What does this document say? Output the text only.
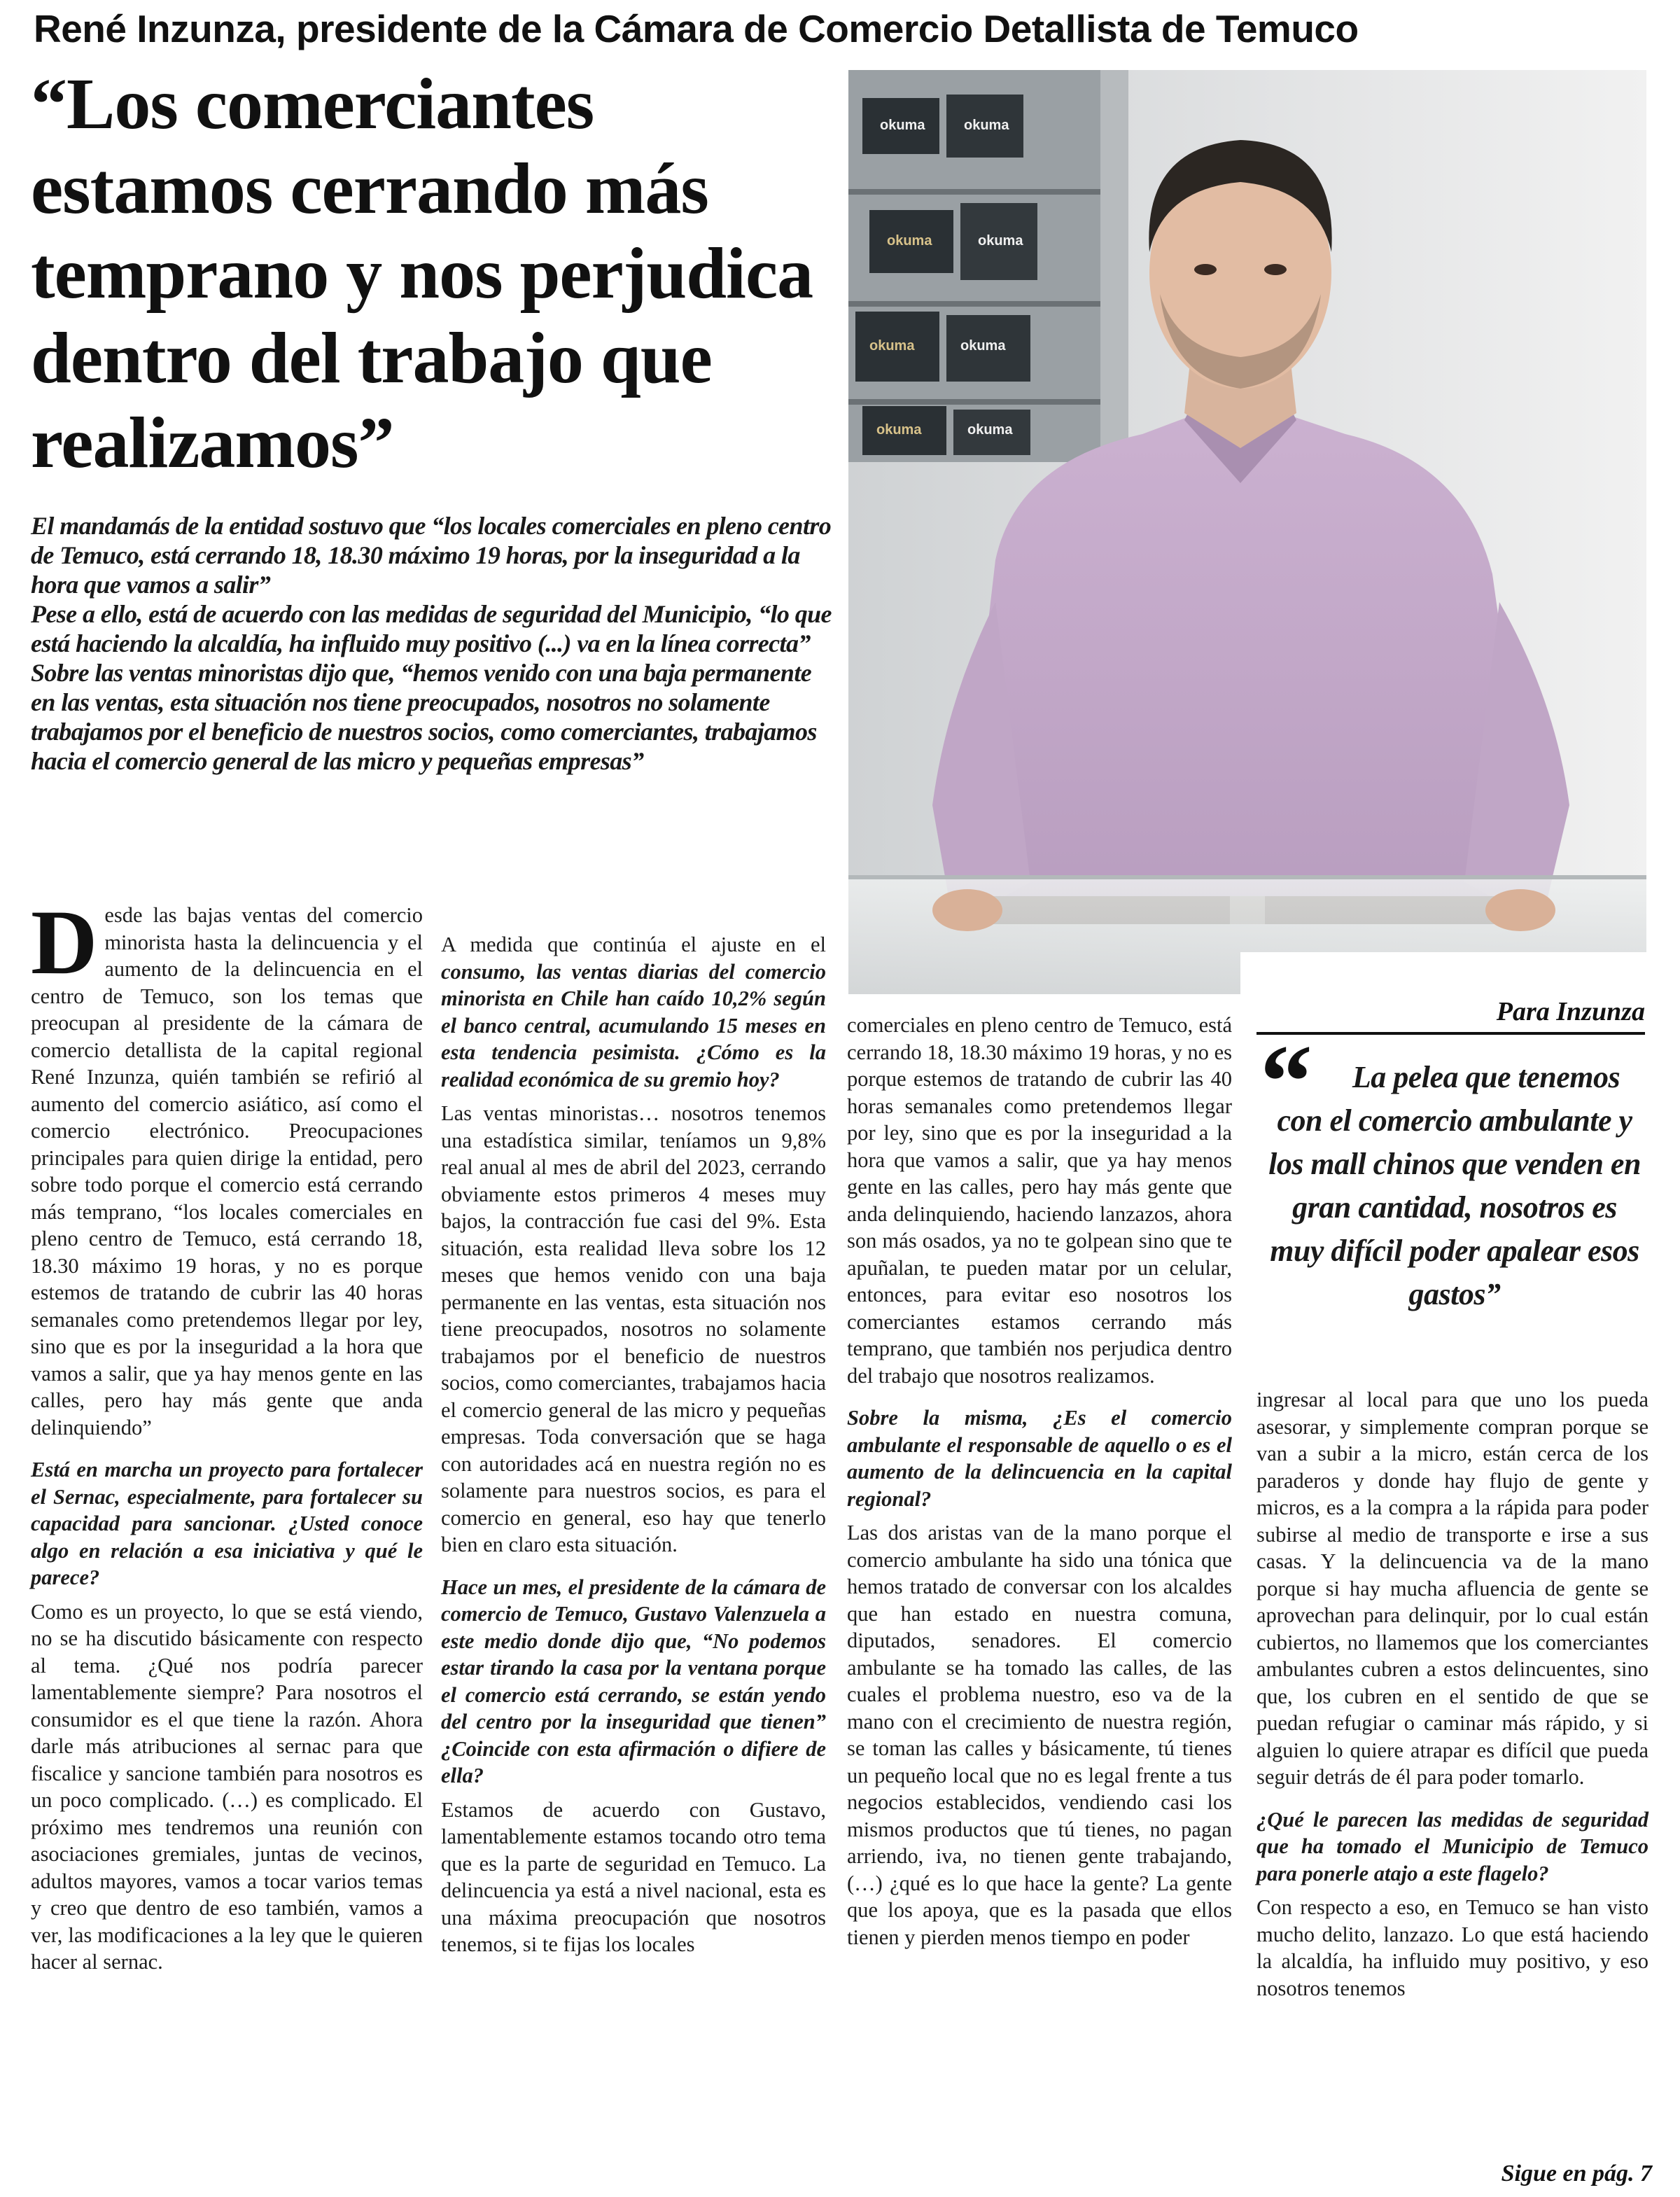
René Inzunza, presidente de la Cámara de Comercio Detallista de Temuco
“Los comerciantes estamos cerrando más temprano y nos perjudica dentro del trabajo que realizamos”

El mandamás de la entidad sostuvo que “los locales comerciales en pleno centro de Temuco, está cerrando 18, 18.30 máximo 19 horas, por la inseguridad a la hora que vamos a salir”

Pese a ello, está de acuerdo con las medidas de seguridad del Municipio, “lo que está haciendo la alcaldía, ha influido muy positivo (...) va en la línea correcta”

Sobre las ventas minoristas dijo que, “hemos venido con una baja permanente en las ventas, esta situación nos tiene preocupados, nosotros no solamente trabajamos por el beneficio de nuestros socios, como comerciantes, trabajamos hacia el comercio general de las micro y pequeñas empresas”

okuma	okuma
okuma	okuma
okuma	okuma
okuma	okuma

Desde las bajas ventas del comercio minorista hasta la delincuencia y el aumento de la delincuencia en el centro de Temuco, son los temas que preocupan al presidente de la cámara de comercio detallista de la capital regional René Inzunza, quién también se refirió al aumento del comercio asiático, así como el comercio electrónico. Preocupaciones principales para quien dirige la entidad, pero sobre todo porque el comercio está cerrando más temprano, “los locales comerciales en pleno centro de Temuco, está cerrando 18, 18.30 máximo 19 horas, y no es porque estemos de tratando de cubrir las 40 horas semanales como pretendemos llegar por ley, sino que es por la inseguridad a la hora que vamos a salir, que ya hay menos gente en las calles, pero hay más gente que anda delinquiendo”

Está en marcha un proyecto para fortalecer el Sernac, especialmente, para fortalecer su capacidad para sancionar. ¿Usted conoce algo en relación a esa iniciativa y qué le parece?

Como es un proyecto, lo que se está viendo, no se ha discutido básicamente con respecto al tema. ¿Qué nos podría parecer lamentablemente siempre? Para nosotros el consumidor es el que tiene la razón. Ahora darle más atribuciones al sernac para que fiscalice y sancione también para nosotros es un poco complicado. (…) es complicado. El próximo mes tendremos una reunión con asociaciones gremiales, juntas de vecinos, adultos mayores, vamos a tocar varios temas y creo que dentro de eso también, vamos a ver, las modificaciones a la ley que le quieren hacer al sernac.

A medida que continúa el ajuste en el consumo, las ventas diarias del comercio minorista en Chile han caído 10,2% según el banco central, acumulando 15 meses en esta tendencia pesimista. ¿Cómo es la realidad económica de su gremio hoy?

Las ventas minoristas… nosotros tenemos una estadística similar, teníamos un 9,8% real anual al mes de abril del 2023, cerrando obviamente estos primeros 4 meses muy bajos, la contracción fue casi del 9%. Esta situación, esta realidad lleva sobre los 12 meses que hemos venido con una baja permanente en las ventas, esta situación nos tiene preocupados, nosotros no solamente trabajamos por el beneficio de nuestros socios, como comerciantes, trabajamos hacia el comercio general de las micro y pequeñas empresas. Toda conversación que se haga con autoridades acá en nuestra región no es solamente para nuestros socios, es para el comercio en general, eso hay que tenerlo bien en claro esta situación.

Hace un mes, el presidente de la cámara de comercio de Temuco, Gustavo Valenzuela a este medio donde dijo que, “No podemos estar tirando la casa por la ventana porque el comercio está cerrando, se están yendo del centro por la inseguridad que tienen” ¿Coincide con esta afirmación o difiere de ella?

Estamos de acuerdo con Gustavo, lamentablemente estamos tocando otro tema que es la parte de seguridad en Temuco. La delincuencia ya está a nivel nacional, esta es una máxima preocupación que nosotros tenemos, si te fijas los locales

comerciales en pleno centro de Temuco, está cerrando 18, 18.30 máximo 19 horas, y no es porque estemos de tratando de cubrir las 40 horas semanales como pretendemos llegar por ley, sino que es por la inseguridad a la hora que vamos a salir, que ya hay menos gente en las calles, pero hay más gente que anda delinquiendo, haciendo lanzazos, ahora son más osados, ya no te golpean sino que te apuñalan, te pueden matar por un celular, entonces, para evitar eso nosotros los comerciantes estamos cerrando más temprano, que también nos perjudica dentro del trabajo que nosotros realizamos.

Sobre la misma, ¿Es el comercio ambulante el responsable de aquello o es el aumento de la delincuencia en la capital regional?

Las dos aristas van de la mano porque el comercio ambulante ha sido una tónica que hemos tratado de conversar con los alcaldes que han estado en nuestra comuna, diputados, senadores. El comercio ambulante se ha tomado las calles, de las cuales el problema nuestro, eso va de la mano con el crecimiento de nuestra región, se toman las calles y básicamente, tú tienes un pequeño local que no es legal frente a tus negocios establecidos, vendiendo casi los mismos productos que tú tienes, no pagan arriendo, iva, no tienen gente trabajando, (…) ¿qué es lo que hace la gente? La gente que los apoya, que es la pasada que ellos tienen y pierden menos tiempo en poder

Para Inzunza
“	La pelea que tenemos con el comercio ambulante y los mall chinos que venden en gran cantidad, nosotros es muy difícil poder apalear esos gastos”

ingresar al local para que uno los pueda asesorar, y simplemente compran porque se van a subir a la micro, están cerca de los paraderos y donde hay flujo de gente y micros, es a la compra a la rápida para poder subirse al medio de transporte e irse a sus casas. Y la delincuencia va de la mano porque si hay mucha afluencia de gente se aprovechan para delinquir, por lo cual están cubiertos, no llamemos que los comerciantes ambulantes cubren a estos delincuentes, sino que, los cubren en el sentido de que se puedan refugiar o caminar más rápido, y si alguien lo quiere atrapar es difícil que pueda seguir detrás de él para poder tomarlo.

¿Qué le parecen las medidas de seguridad que ha tomado el Municipio de Temuco para ponerle atajo a este flagelo?

Con respecto a eso, en Temuco se han visto mucho delito, lanzazo. Lo que está haciendo la alcaldía, ha influido muy positivo, y eso nosotros tenemos

Sigue en pág. 7
